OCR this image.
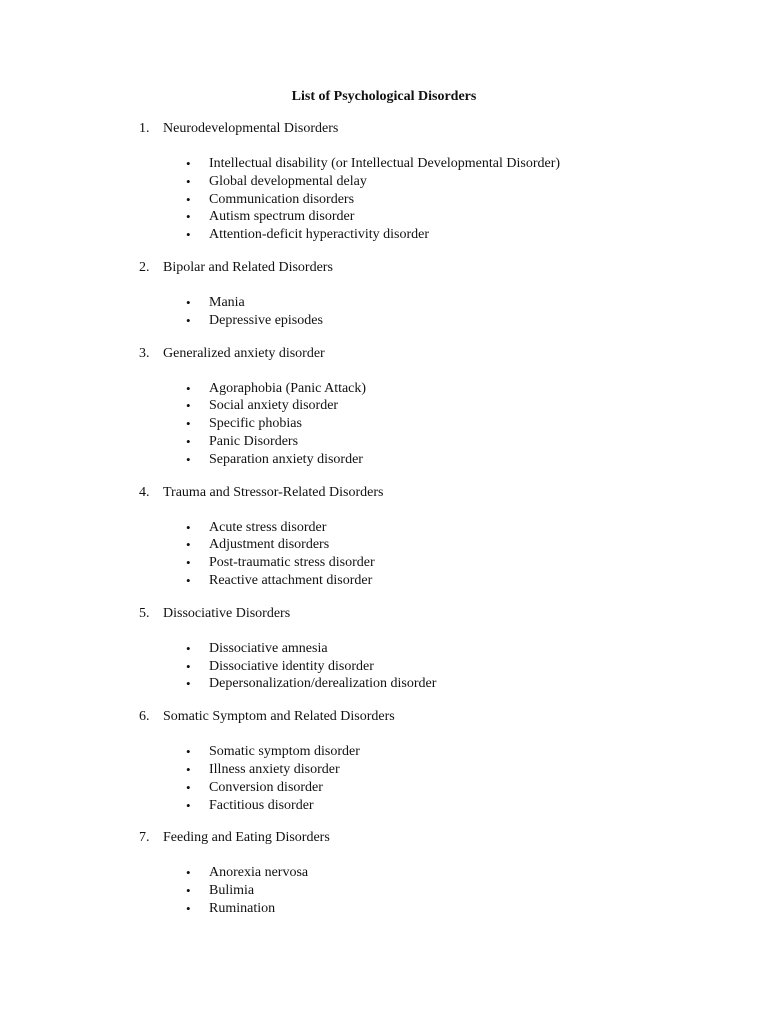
List of Psychological Disorders
1. Neurodevelopmental Disorders
• Intellectual disability (or Intellectual Developmental Disorder)
• Global developmental delay
• Communication disorders
• Autism spectrum disorder
• Attention-deficit hyperactivity disorder
2. Bipolar and Related Disorders
• Mania
• Depressive episodes
3. Generalized anxiety disorder
• Agoraphobia (Panic Attack)
• Social anxiety disorder
• Specific phobias
• Panic Disorders
• Separation anxiety disorder
4. Trauma and Stressor-Related Disorders
• Acute stress disorder
• Adjustment disorders
• Post-traumatic stress disorder
• Reactive attachment disorder
5. Dissociative Disorders
• Dissociative amnesia
• Dissociative identity disorder
• Depersonalization/derealization disorder
6. Somatic Symptom and Related Disorders
• Somatic symptom disorder
• Illness anxiety disorder
• Conversion disorder
• Factitious disorder
7. Feeding and Eating Disorders
• Anorexia nervosa
• Bulimia
• Rumination
